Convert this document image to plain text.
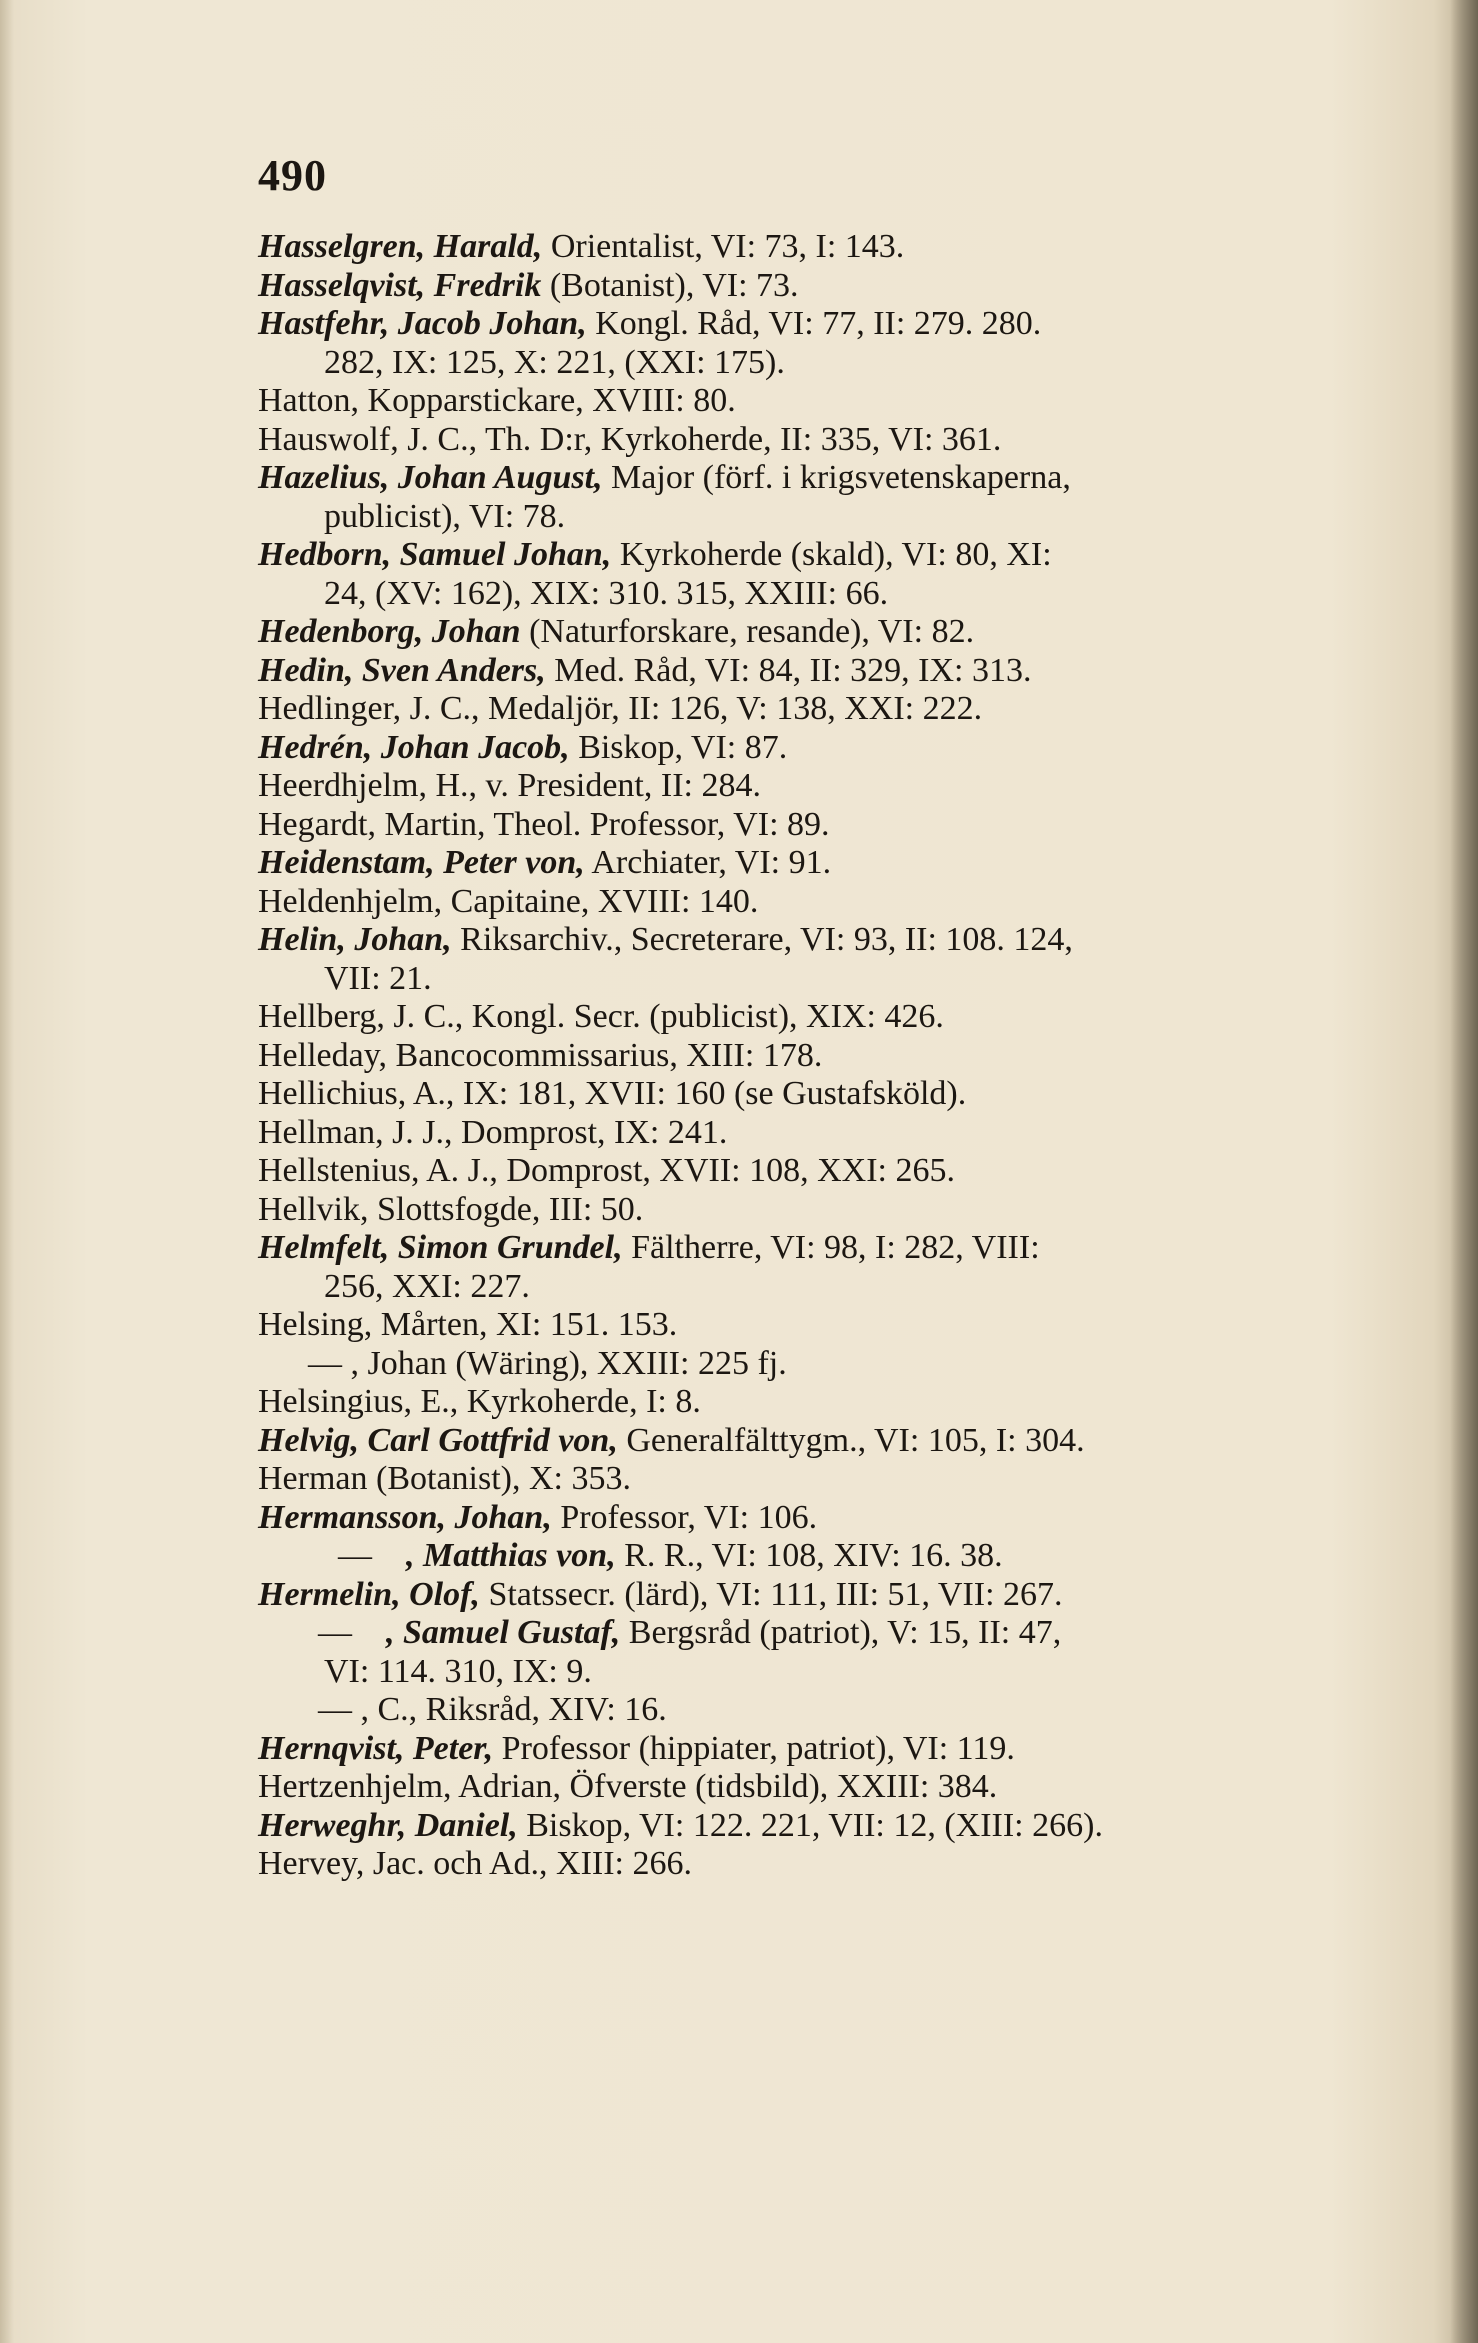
490
Hasselgren, Harald, Orientalist, VI: 73, I: 143.
Hasselqvist, Fredrik (Botanist), VI: 73.
Hastfehr, Jacob Johan, Kongl. Råd, VI: 77, II: 279. 280.
282, IX: 125, X: 221, (XXI: 175).
Hatton, Kopparstickare, XVIII: 80.
Hauswolf, J. C., Th. D:r, Kyrkoherde, II: 335, VI: 361.
Hazelius, Johan August, Major (förf. i krigsvetenskaperna,
publicist), VI: 78.
Hedborn, Samuel Johan, Kyrkoherde (skald), VI: 80, XI:
24, (XV: 162), XIX: 310. 315, XXIII: 66.
Hedenborg, Johan (Naturforskare, resande), VI: 82.
Hedin, Sven Anders, Med. Råd, VI: 84, II: 329, IX: 313.
Hedlinger, J. C., Medaljör, II: 126, V: 138, XXI: 222.
Hedrén, Johan Jacob, Biskop, VI: 87.
Heerdhjelm, H., v. President, II: 284.
Hegardt, Martin, Theol. Professor, VI: 89.
Heidenstam, Peter von, Archiater, VI: 91.
Heldenhjelm, Capitaine, XVIII: 140.
Helin, Johan, Riksarchiv., Secreterare, VI: 93, II: 108. 124,
VII: 21.
Hellberg, J. C., Kongl. Secr. (publicist), XIX: 426.
Helleday, Bancocommissarius, XIII: 178.
Hellichius, A., IX: 181, XVII: 160 (se Gustafsköld).
Hellman, J. J., Domprost, IX: 241.
Hellstenius, A. J., Domprost, XVII: 108, XXI: 265.
Hellvik, Slottsfogde, III: 50.
Helmfelt, Simon Grundel, Fältherre, VI: 98, I: 282, VIII:
256, XXI: 227.
Helsing, Mårten, XI: 151. 153.
— , Johan (Wäring), XXIII: 225 fj.
Helsingius, E., Kyrkoherde, I: 8.
Helvig, Carl Gottfrid von, Generalfälttygm., VI: 105, I: 304.
Herman (Botanist), X: 353.
Hermansson, Johan, Professor, VI: 106.
— , Matthias von, R. R., VI: 108, XIV: 16. 38.
Hermelin, Olof, Statssecr. (lärd), VI: 111, III: 51, VII: 267.
— , Samuel Gustaf, Bergsråd (patriot), V: 15, II: 47,
VI: 114. 310, IX: 9.
— , C., Riksråd, XIV: 16.
Hernqvist, Peter, Professor (hippiater, patriot), VI: 119.
Hertzenhjelm, Adrian, Öfverste (tidsbild), XXIII: 384.
Herweghr, Daniel, Biskop, VI: 122. 221, VII: 12, (XIII: 266).
Hervey, Jac. och Ad., XIII: 266.
